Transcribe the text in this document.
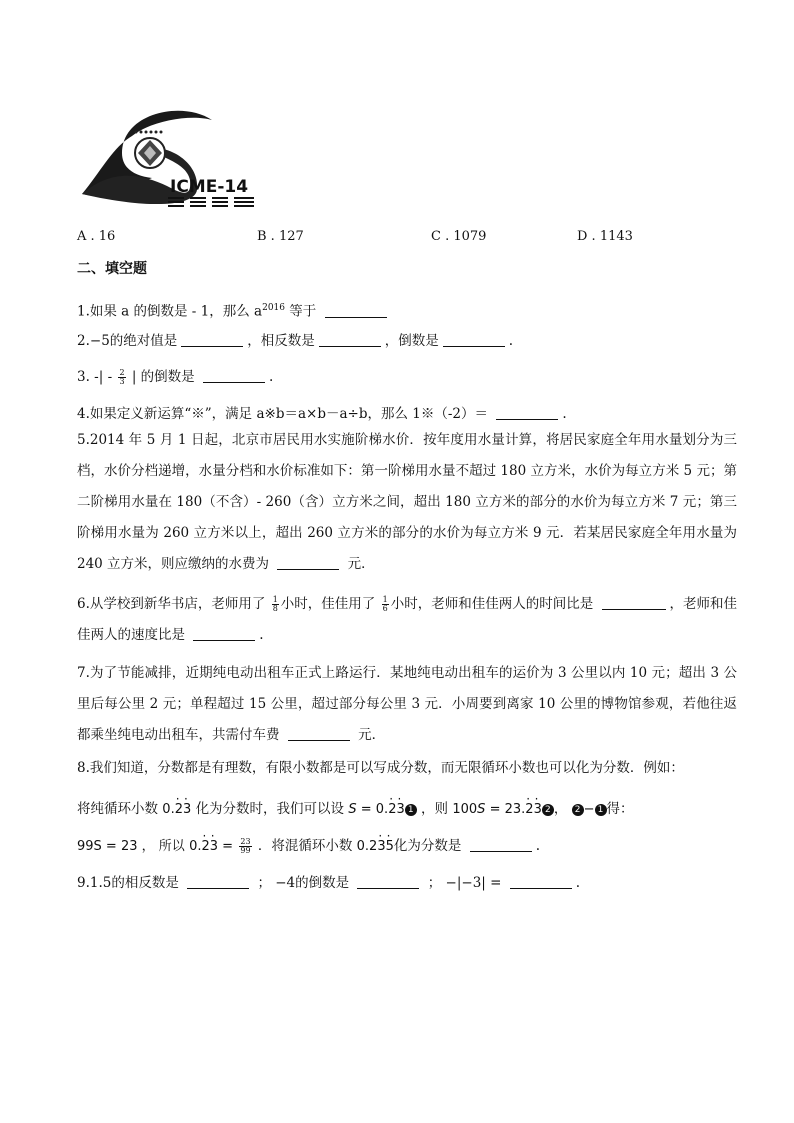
ICME-14
A . 16	B . 127	C . 1079	D . 1143
二、填空题
1.如果 a 的倒数是 - 1，那么 $a^{2016}$ 等于
2.−5的绝对值是	，相反数是	，倒数是	.
3. -| - $\frac{2}{3}$ | 的倒数是	.
4.如果定义新运算“※”，满足 a※b＝a×b－a÷b，那么 1※（-2）＝	.
5.2014 年 5 月 1 日起，北京市居民用水实施阶梯水价．按年度用水量计算，将居民家庭全年用水量划分为三档，水价分档递增，水量分档和水价标准如下：第一阶梯用水量不超过 180 立方米，水价为每立方米 5 元；第二阶梯用水量在 180（不含）- 260（含）立方米之间，超出 180 立方米的部分的水价为每立方米 7 元；第三阶梯用水量为 260 立方米以上，超出 260 立方米的部分的水价为每立方米 9 元．若某居民家庭全年用水量为 240 立方米，则应缴纳的水费为	元．
6.从学校到新华书店，老师用了 $\frac{1}{8}$ 小时，佳佳用了 $\frac{1}{6}$ 小时，老师和佳佳两人的时间比是	，老师和佳佳两人的速度比是	.
7.为了节能减排，近期纯电动出租车正式上路运行．某地纯电动出租车的运价为 3 公里以内 10 元；超出 3 公里后每公里 2 元；单程超过 15 公里，超过部分每公里 3 元．小周要到离家 10 公里的博物馆参观，若他往返都乘坐纯电动出租车，共需付车费	元．
8.我们知道，分数都是有理数，有限小数都是可以写成分数，而无限循环小数也可以化为分数．例如：
将纯循环小数 0.· 2· 3 化为分数时，我们可以设 S = 0.· 2· 3 1 ，则 100S = 23.· 2· 3 2 ， 2 − 1 得：
99S = 23 ， 所以 $0.\cdot 2\cdot 3 = \frac{23}{99}$ ．将混循环小数 0.2· 3· 5化为分数是	.
9.1.5的相反数是	； −4的倒数是	； −|−3| =	.
